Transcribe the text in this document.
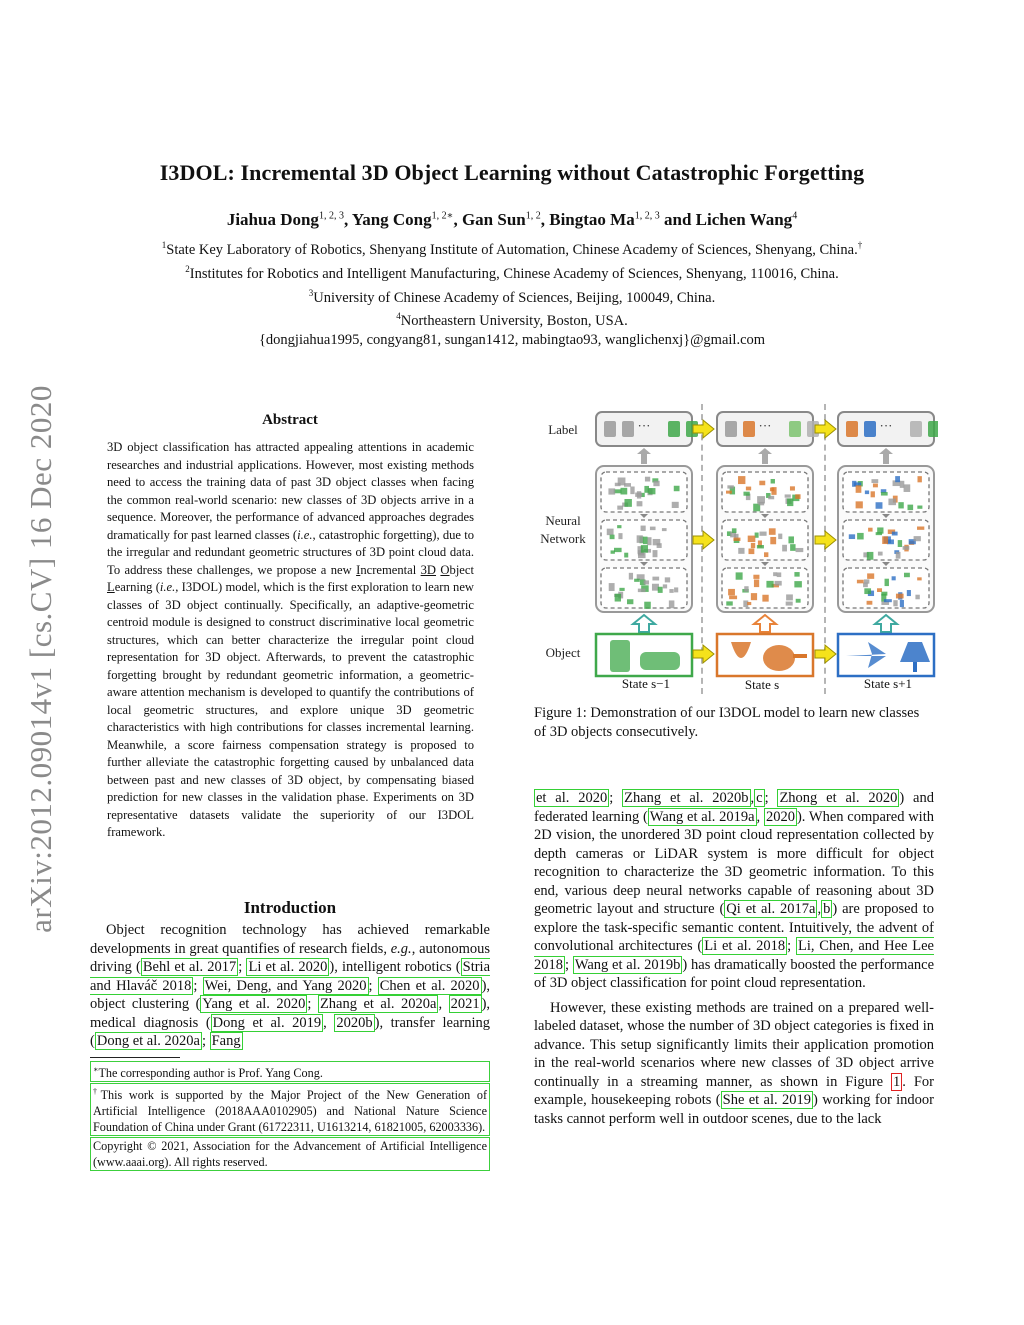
arXiv:2012.09014v1 [cs.CV] 16 Dec 2020
I3DOL: Incremental 3D Object Learning without Catastrophic Forgetting
Jiahua Dong$^{1, 2, 3}$, Yang Cong$^{1, 2∗}$, Gan Sun$^{1, 2}$, Bingtao Ma$^{1, 2, 3}$ and Lichen Wang$^4$
$^1$State Key Laboratory of Robotics, Shenyang Institute of Automation, Chinese Academy of Sciences, Shenyang, China.†
$^2$Institutes for Robotics and Intelligent Manufacturing, Chinese Academy of Sciences, Shenyang, 110016, China.
$^3$University of Chinese Academy of Sciences, Beijing, 100049, China.
$^4$Northeastern University, Boston, USA.
{dongjiahua1995, congyang81, sungan1412, mabingtao93, wanglichenxj}@gmail.com
Abstract
3D object classification has attracted appealing attentions in academic researches and industrial applications. However, most existing methods need to access the training data of past 3D object classes when facing the common real-world scenario: new classes of 3D objects arrive in a sequence. Moreover, the performance of advanced approaches degrades dramatically for past learned classes (i.e., catastrophic forgetting), due to the irregular and redundant geometric structures of 3D point cloud data. To address these challenges, we propose a new Incremental 3D Object Learning (i.e., I3DOL) model, which is the first exploration to learn new classes of 3D object continually. Specifically, an adaptive-geometric centroid module is designed to construct discriminative local geometric structures, which can better characterize the irregular point cloud representation for 3D object. Afterwards, to prevent the catastrophic forgetting brought by redundant geometric information, a geometric-aware attention mechanism is developed to quantify the contributions of local geometric structures, and explore unique 3D geometric characteristics with high contributions for classes incremental learning. Meanwhile, a score fairness compensation strategy is proposed to further alleviate the catastrophic forgetting caused by unbalanced data between past and new classes of 3D object, by compensating biased prediction for new classes in the validation phase. Experiments on 3D representative datasets validate the superiority of our I3DOL framework.
Introduction
Object recognition technology has achieved remarkable developments in great quantifies of research fields, e.g., autonomous driving ( Behl et al. 2017 ; Li et al. 2020 ), intelligent robotics ( Stria and Hlaváč 2018 ; Wei, Deng, and Yang 2020 ; Chen et al. 2020 ), object clustering ( Yang et al. 2020 ; Zhang et al. 2020a , 2021 ), medical diagnosis ( Dong et al. 2019 , 2020b ), transfer learning ( Dong et al. 2020a ; Fang
∗The corresponding author is Prof. Yang Cong.
†This work is supported by the Major Project of the New Generation of Artificial Intelligence (2018AAA0102905) and National Nature Science Foundation of China under Grant (61722311, U1613214, 61821005, 62003336).
Copyright © 2021, Association for the Advancement of Artificial Intelligence (www.aaai.org). All rights reserved.
Label
Neural
Network
Object
···	···	···
State s−1	State s	State s+1
Figure 1: Demonstration of our I3DOL model to learn new classes of 3D objects consecutively.

et al. 2020 ; Zhang et al. 2020b , c ; Zhong et al. 2020 ) and federated learning ( Wang et al. 2019a , 2020 ). When compared with 2D vision, the unordered 3D point cloud representation collected by depth cameras or LiDAR system is more difficult for object recognition to characterize the 3D geometric information. To this end, various deep neural networks capable of reasoning about 3D geometric layout and structure ( Qi et al. 2017a , b ) are proposed to explore the task-specific semantic content. Intuitively, the advent of convolutional architectures ( Li et al. 2018 ; Li, Chen, and Hee Lee 2018 ; Wang et al. 2019b ) has dramatically boosted the performance of 3D object classification for point cloud representation.

However, these existing methods are trained on a prepared well-labeled dataset, whose the number of 3D object categories is fixed in advance. This setup significantly limits their application promotion in the real-world scenarios where new classes of 3D object arrive continually in a streaming manner, as shown in Figure 1 . For example, housekeeping robots ( She et al. 2019 ) working for indoor tasks cannot perform well in outdoor scenes, due to the lack
